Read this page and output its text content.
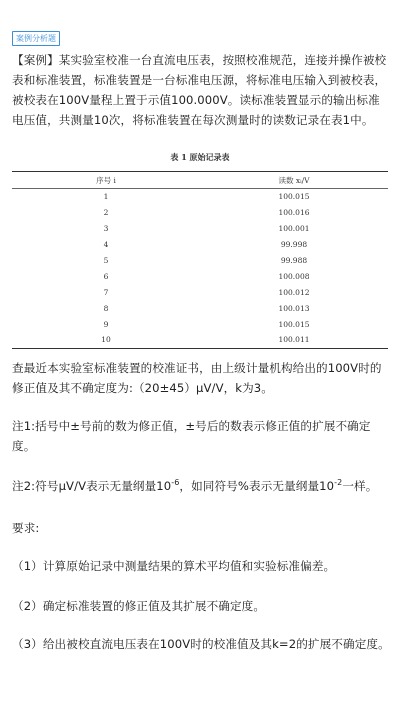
案例分析题

【案例】某实验室校准一台直流电压表，按照校准规范，连接并操作被校表和标准装置，标准装置是一台标准电压源，将标准电压输入到被校表，被校表在100V量程上置于示值100.000V。读标准装置显示的输出标准电压值，共测量10次，将标准装置在每次测量时的读数记录在表1中。

表 1 原始记录表
序号 i	读数 xᵢ/V
1	100.015
2	100.016
3	100.001
4	99.998
5	99.988
6	100.008
7	100.012
8	100.013
9	100.015
10	100.011

查最近本实验室标准装置的校准证书，由上级计量机构给出的100V时的修正值及其不确定度为:（20±45）μV/V，k为3。

注1:括号中±号前的数为修正值，±号后的数表示修正值的扩展不确定度。

注2:符号μV/V表示无量纲量$10^{-6}$，如同符号%表示无量纲量$10^{-2}$一样。

要求:

（1）计算原始记录中测量结果的算术平均值和实验标准偏差。

（2）确定标准装置的修正值及其扩展不确定度。

（3）给出被校直流电压表在100V时的校准值及其k=2的扩展不确定度。
